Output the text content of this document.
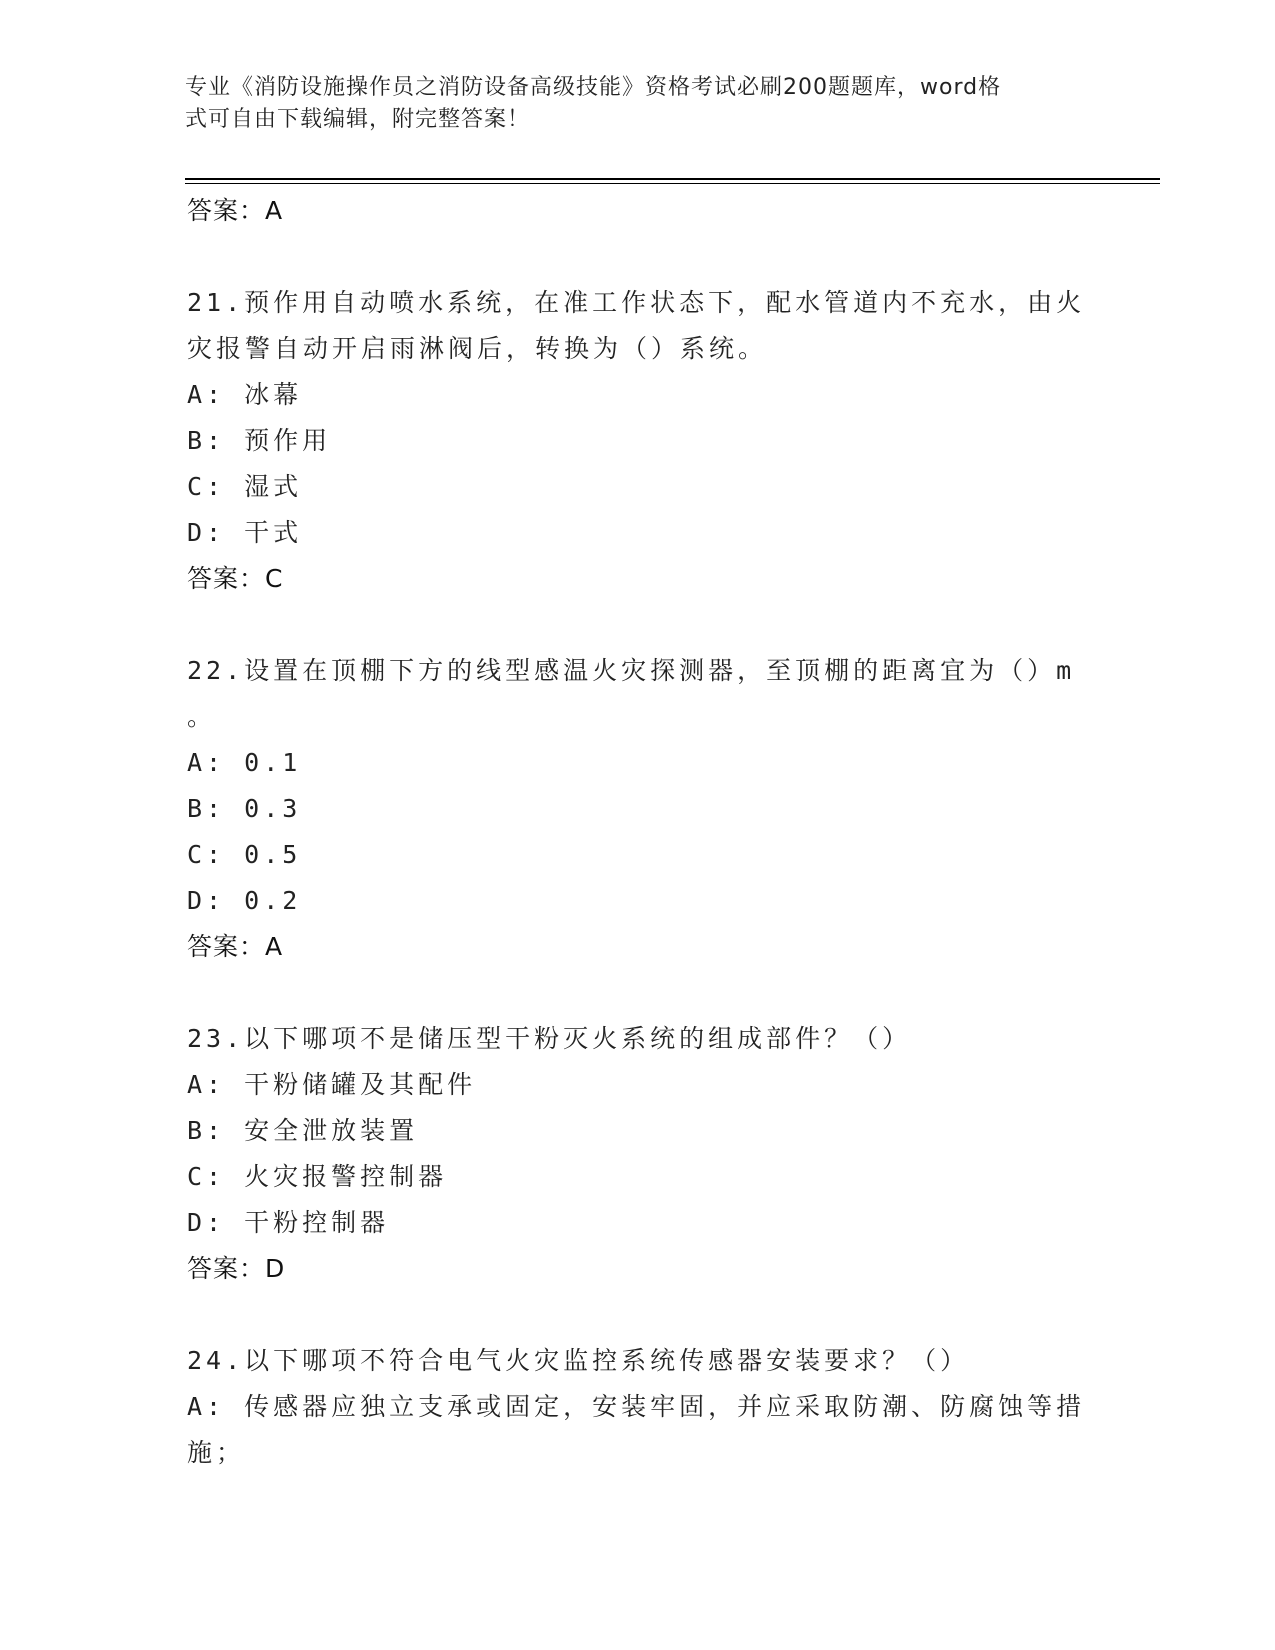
专业《消防设施操作员之消防设备高级技能》资格考试必刷200题题库，word格
式可自由下载编辑，附完整答案！

答案：A

21.预作用自动喷水系统，在准工作状态下，配水管道内不充水，由火

灾报警自动开启雨淋阀后，转换为（）系统。

A: 冰幕

B: 预作用

C: 湿式

D: 干式

答案：C

22.设置在顶棚下方的线型感温火灾探测器，至顶棚的距离宜为（）m

。

A: 0.1

B: 0.3

C: 0.5

D: 0.2

答案：A

23.以下哪项不是储压型干粉灭火系统的组成部件？（）

A: 干粉储罐及其配件

B: 安全泄放装置

C: 火灾报警控制器

D: 干粉控制器

答案：D

24.以下哪项不符合电气火灾监控系统传感器安装要求？（）

A: 传感器应独立支承或固定，安装牢固，并应采取防潮、防腐蚀等措

施；
